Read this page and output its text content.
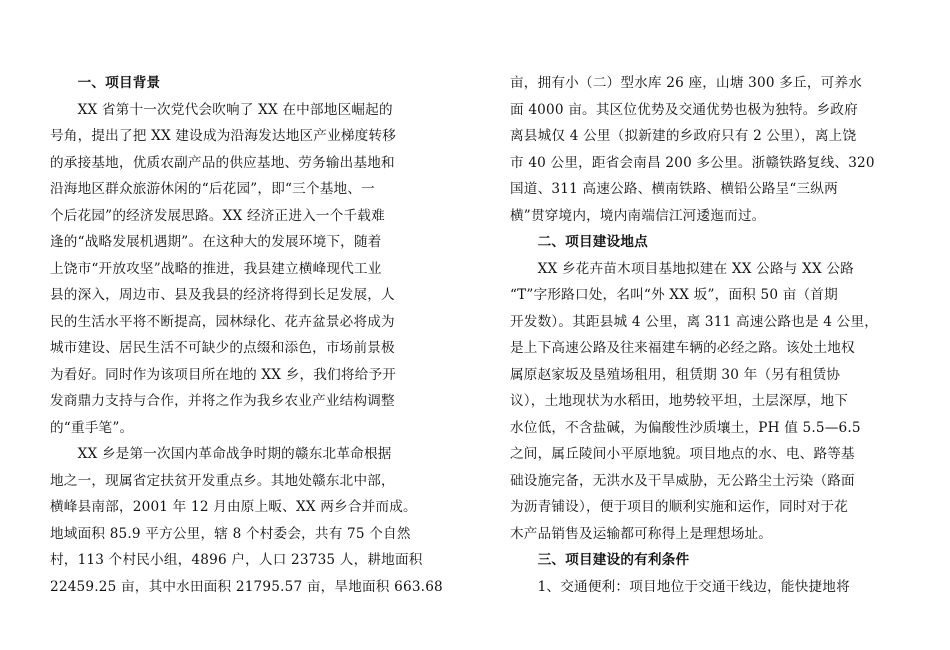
　　一、项目背景
　　XX 省第十一次党代会吹响了 XX 在中部地区崛起的
号角，提出了把 XX 建设成为沿海发达地区产业梯度转移
的承接基地，优质农副产品的供应基地、劳务输出基地和
沿海地区群众旅游休闲的“后花园”，即“三个基地、一
个后花园”的经济发展思路。XX 经济正进入一个千载难
逢的“战略发展机遇期”。在这种大的发展环境下，随着
上饶市“开放攻坚”战略的推进，我县建立横峰现代工业
县的深入，周边市、县及我县的经济将得到长足发展，人
民的生活水平将不断提高，园林绿化、花卉盆景必将成为
城市建设、居民生活不可缺少的点缀和添色，市场前景极
为看好。同时作为该项目所在地的 XX 乡，我们将给予开
发商鼎力支持与合作，并将之作为我乡农业产业结构调整
的“重手笔”。
　　XX 乡是第一次国内革命战争时期的赣东北革命根据
地之一，现属省定扶贫开发重点乡。其地处赣东北中部，
横峰县南部，2001 年 12 月由原上畈、XX 两乡合并而成。
地域面积 85.9 平方公里，辖 8 个村委会，共有 75 个自然
村，113 个村民小组，4896 户，人口 23735 人，耕地面积
22459.25 亩，其中水田面积 21795.57 亩，旱地面积 663.68
亩，拥有小（二）型水库 26 座，山塘 300 多丘，可养水
面 4000 亩。其区位优势及交通优势也极为独特。乡政府
离县城仅 4 公里（拟新建的乡政府只有 2 公里），离上饶
市 40 公里，距省会南昌 200 多公里。浙赣铁路复线、320
国道、311 高速公路、横南铁路、横铅公路呈“三纵两
横”贯穿境内，境内南端信江河逶迤而过。
　　二、项目建设地点
　　XX 乡花卉苗木项目基地拟建在 XX 公路与 XX 公路
“T”字形路口处，名叫“外 XX 坂”，面积 50 亩（首期
开发数）。其距县城 4 公里，离 311 高速公路也是 4 公里，
是上下高速公路及往来福建车辆的必经之路。该处土地权
属原赵家坂及垦殖场租用，租赁期 30 年（另有租赁协
议），土地现状为水稻田，地势较平坦，土层深厚，地下
水位低，不含盐碱，为偏酸性沙质壤土，PH 值 5.5—6.5
之间，属丘陵间小平原地貌。项目地点的水、电、路等基
础设施完备，无洪水及干旱威胁，无公路尘土污染（路面
为沥青铺设），便于项目的顺利实施和运作，同时对于花
木产品销售及运输都可称得上是理想场址。
　　三、项目建设的有利条件
　　1、交通便利：项目地位于交通干线边，能快捷地将
